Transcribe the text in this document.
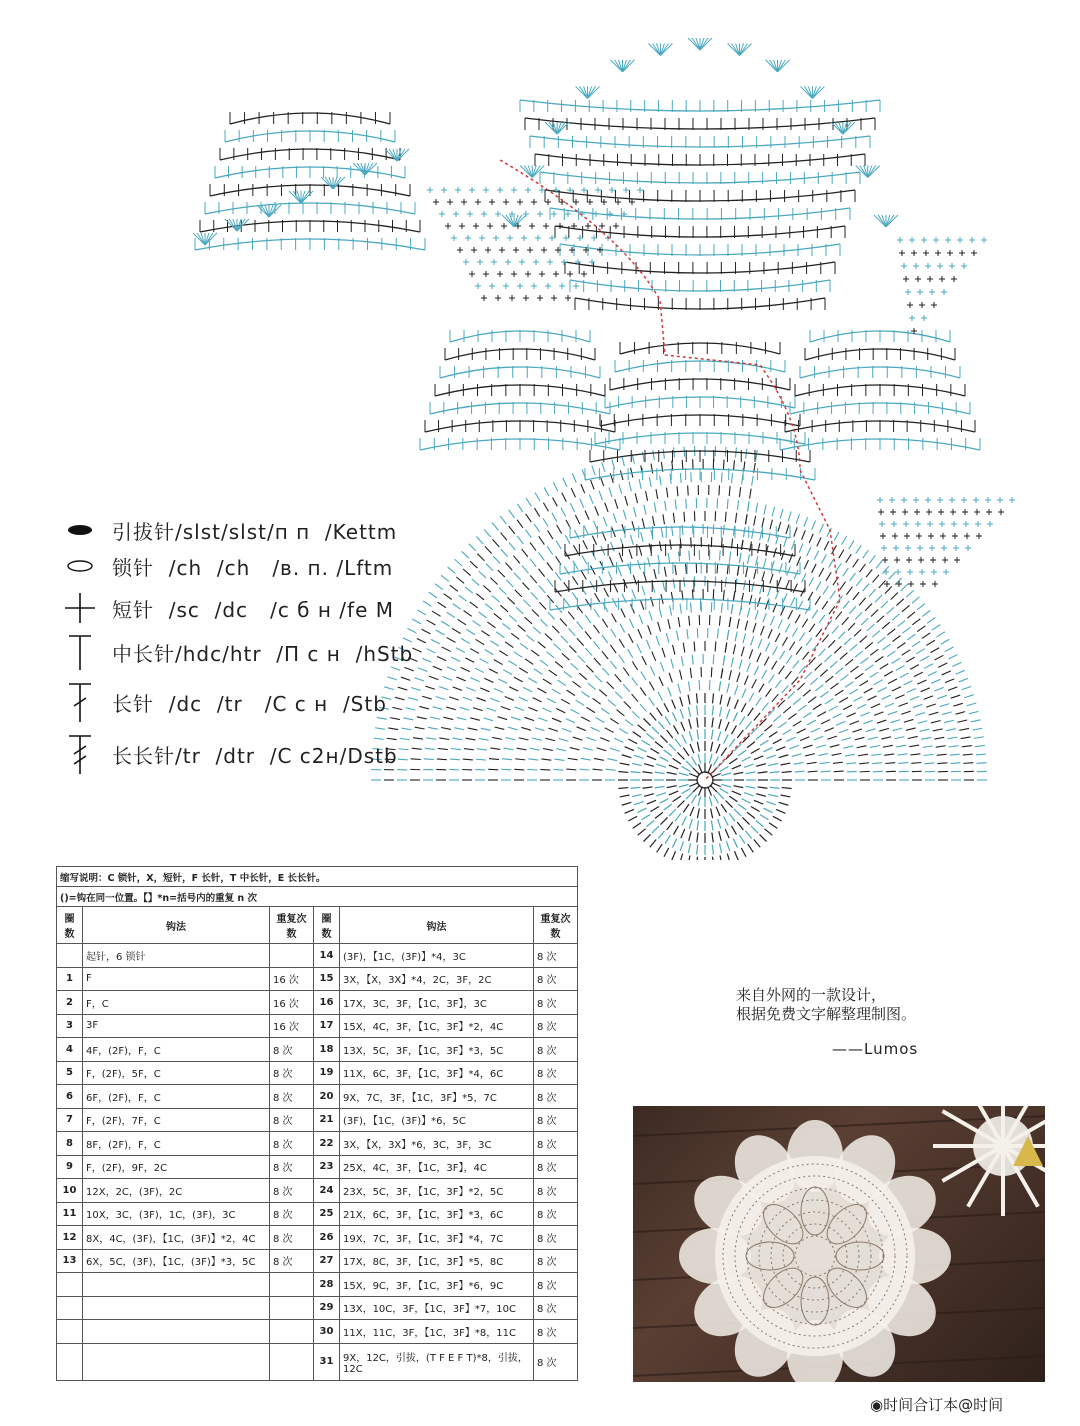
引拔针/slst/slst/п п  /Kettm
锁针  /ch  /ch   /в. п. /Lftm
短针  /sc  /dc   /с б н /fe M
中长针/hdc/htr  /П с н  /hStb
长针  /dc  /tr   /С с н  /Stb
长长针/tr  /dtr  /С с2н/Dstb
缩写说明：C 锁针，X，短针，F 长针，T 中长针，E 长长针。					
()=钩在同一位置。【】*n=括号内的重复 n 次					
圈数	钩法	重复次数	圈数	钩法	重复次数
	起针，6 锁针		14	(3F)，【1C，(3F)】*4，3C	8 次
1	F	16 次	15	3X，【X，3X】*4，2C，3F，2C	8 次
2	F，C	16 次	16	17X，3C，3F，【1C，3F】，3C	8 次
3	3F	16 次	17	15X，4C，3F，【1C，3F】*2，4C	8 次
4	4F，(2F)，F，C	8 次	18	13X，5C，3F，【1C，3F】*3，5C	8 次
5	F，(2F)，5F，C	8 次	19	11X，6C，3F，【1C，3F】*4，6C	8 次
6	6F，(2F)，F，C	8 次	20	9X，7C，3F，【1C，3F】*5，7C	8 次
7	F，(2F)，7F，C	8 次	21	(3F)，【1C，(3F)】*6，5C	8 次
8	8F，(2F)，F，C	8 次	22	3X，【X，3X】*6，3C，3F，3C	8 次
9	F，(2F)，9F，2C	8 次	23	25X，4C，3F，【1C，3F】，4C	8 次
10	12X，2C，(3F)，2C	8 次	24	23X，5C，3F，【1C，3F】*2，5C	8 次
11	10X，3C，(3F)，1C，(3F)，3C	8 次	25	21X，6C，3F，【1C，3F】*3，6C	8 次
12	8X，4C，(3F)，【1C，(3F)】*2，4C	8 次	26	19X，7C，3F，【1C，3F】*4，7C	8 次
13	6X，5C，(3F)，【1C，(3F)】*3，5C	8 次	27	17X，8C，3F，【1C，3F】*5，8C	8 次
			28	15X，9C，3F，【1C，3F】*6，9C	8 次
			29	13X，10C，3F，【1C，3F】*7，10C	8 次
			30	11X，11C，3F，【1C，3F】*8，11C	8 次
			31	9X，12C，引拔，(T F E F T)*8，引拔，12C	8 次
来自外网的一款设计，
根据免费文字解整理制图。
——Lumos
◉时间合订本@时间
